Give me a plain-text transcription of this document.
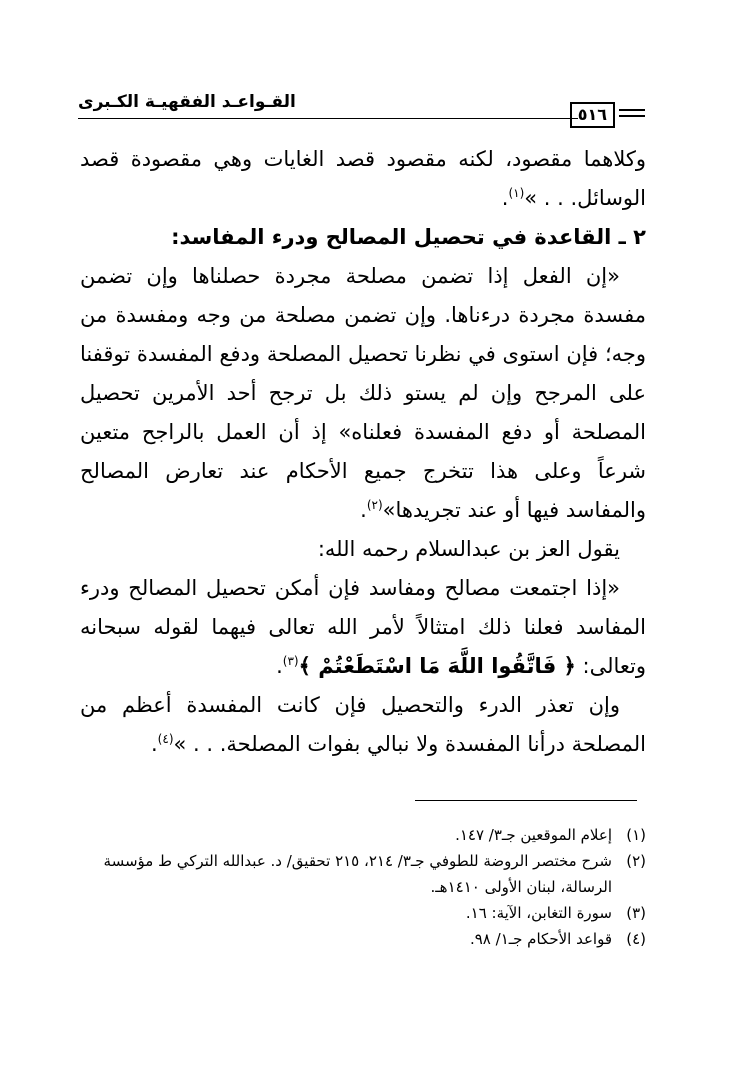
٥١٦
القـواعـد الفقهيـة الكـبرى

وكلاهما مقصود، لكنه مقصود قصد الغايات وهي مقصودة قصد الوسائل. . . »$^{(١)}$.

٢ ـ القاعدة في تحصيل المصالح ودرء المفاسد:

«إن الفعل إذا تضمن مصلحة مجردة حصلناها وإن تضمن مفسدة مجردة درءناها. وإن تضمن مصلحة من وجه ومفسدة من وجه؛ فإن استوى في نظرنا تحصيل المصلحة ودفع المفسدة توقفنا على المرجح وإن لم يستو ذلك بل ترجح أحد الأمرين تحصيل المصلحة أو دفع المفسدة فعلناه» إذ أن العمل بالراجح متعين شرعاً وعلى هذا تتخرج جميع الأحكام عند تعارض المصالح والمفاسد فيها أو عند تجريدها»$^{(٢)}$.

يقول العز بن عبدالسلام رحمه الله:

«إذا اجتمعت مصالح ومفاسد فإن أمكن تحصيل المصالح ودرء المفاسد فعلنا ذلك امتثالاً لأمر الله تعالى فيهما لقوله سبحانه وتعالى: ﴿ فَاتَّقُوا اللَّهَ مَا اسْتَطَعْتُمْ ﴾$^{(٣)}$.

وإن تعذر الدرء والتحصيل فإن كانت المفسدة أعظم من المصلحة درأنا المفسدة ولا نبالي بفوات المصلحة. . . »$^{(٤)}$.

(١)
إعلام الموقعين جـ٣/ ١٤٧.
(٢)
شرح مختصر الروضة للطوفي جـ٣/ ٢١٤، ٢١٥ تحقيق/ د. عبدالله التركي ط مؤسسة الرسالة، لبنان الأولى ١٤١٠هـ.
(٣)
سورة التغابن، الآية: ١٦.
(٤)
قواعد الأحكام جـ١/ ٩٨.
